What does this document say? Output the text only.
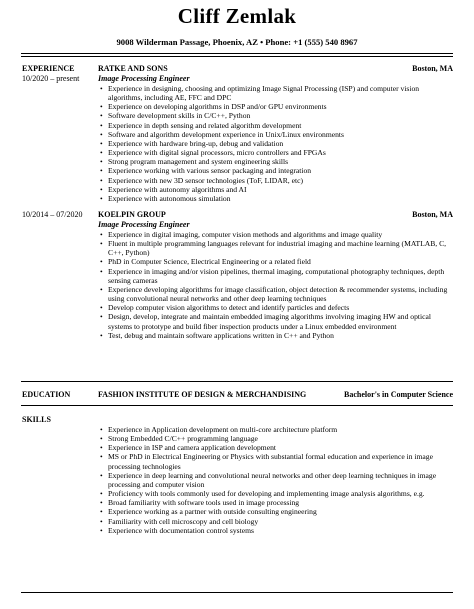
Cliff Zemlak
9008 Wilderman Passage, Phoenix, AZ • Phone: +1 (555) 540 8967
EXPERIENCE
10/2020 – present
RATKE AND SONS	Boston, MA
Image Processing Engineer
• Experience in designing, choosing and optimizing Image Signal Processing (ISP) and computer vision algorithms, including AE, FFC and DPC
• Experience on developing algorithms in DSP and/or GPU environments
• Software development skills in C/C++, Python
• Experience in depth sensing and related algorithm development
• Software and algorithm development experience in Unix/Linux environments
• Experience with hardware bring-up, debug and validation
• Experience with digital signal processors, micro controllers and FPGAs
• Strong program management and system engineering skills
• Experience working with various sensor packaging and integration
• Experience with new 3D sensor technologies (ToF, LIDAR, etc)
• Experience with autonomy algorithms and AI
• Experience with autonomous simulation
10/2014 – 07/2020 KOELPIN GROUP	Boston, MA
Image Processing Engineer
• Experience in digital imaging, computer vision methods and algorithms and image quality
• Fluent in multiple programming languages relevant for industrial imaging and machine learning (MATLAB, C, C++, Python)
• PhD in Computer Science, Electrical Engineering or a related field
• Experience in imaging and/or vision pipelines, thermal imaging, computational photography techniques, depth sensing cameras
• Experience developing algorithms for image classification, object detection & recommender systems, including using convolutional neural networks and other deep learning techniques
• Develop computer vision algorithms to detect and identify particles and defects
• Design, develop, integrate and maintain embedded imaging algorithms involving imaging HW and optical systems to prototype and build fiber inspection products under a Linux embedded environment
• Test, debug and maintain software applications written in C++ and Python
EDUCATION	FASHION INSTITUTE OF DESIGN & MERCHANDISING	Bachelor's in Computer Science
SKILLS
• Experience in Application development on multi-core architecture platform
• Strong Embedded C/C++ programming language
• Experience in ISP and camera application development
• MS or PhD in Electrical Engineering or Physics with substantial formal education and experience in image processing technologies
• Experience in deep learning and convolutional neural networks and other deep learning techniques in image processing and computer vision
• Proficiency with tools commonly used for developing and implementing image analysis algorithms, e.g.
• Broad familiarity with software tools used in image processing
• Experience working as a partner with outside consulting engineering
• Familiarity with cell microscopy and cell biology
• Experience with documentation control systems
